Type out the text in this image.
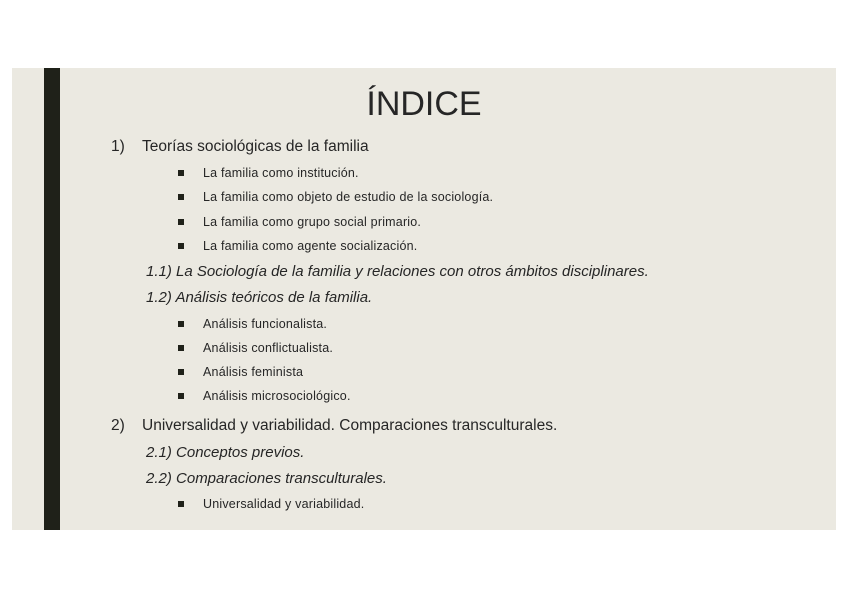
ÍNDICE
1) Teorías sociológicas de la familia
La familia como institución.
La familia como objeto de estudio de la sociología.
La familia como grupo social primario.
La familia como agente socialización.
1.1) La Sociología de la familia y relaciones con otros ámbitos disciplinares.
1.2) Análisis teóricos de la familia.
Análisis funcionalista.
Análisis conflictualista.
Análisis feminista
Análisis microsociológico.
2) Universalidad y variabilidad. Comparaciones transculturales.
2.1) Conceptos previos.
2.2) Comparaciones transculturales.
Universalidad y variabilidad.
